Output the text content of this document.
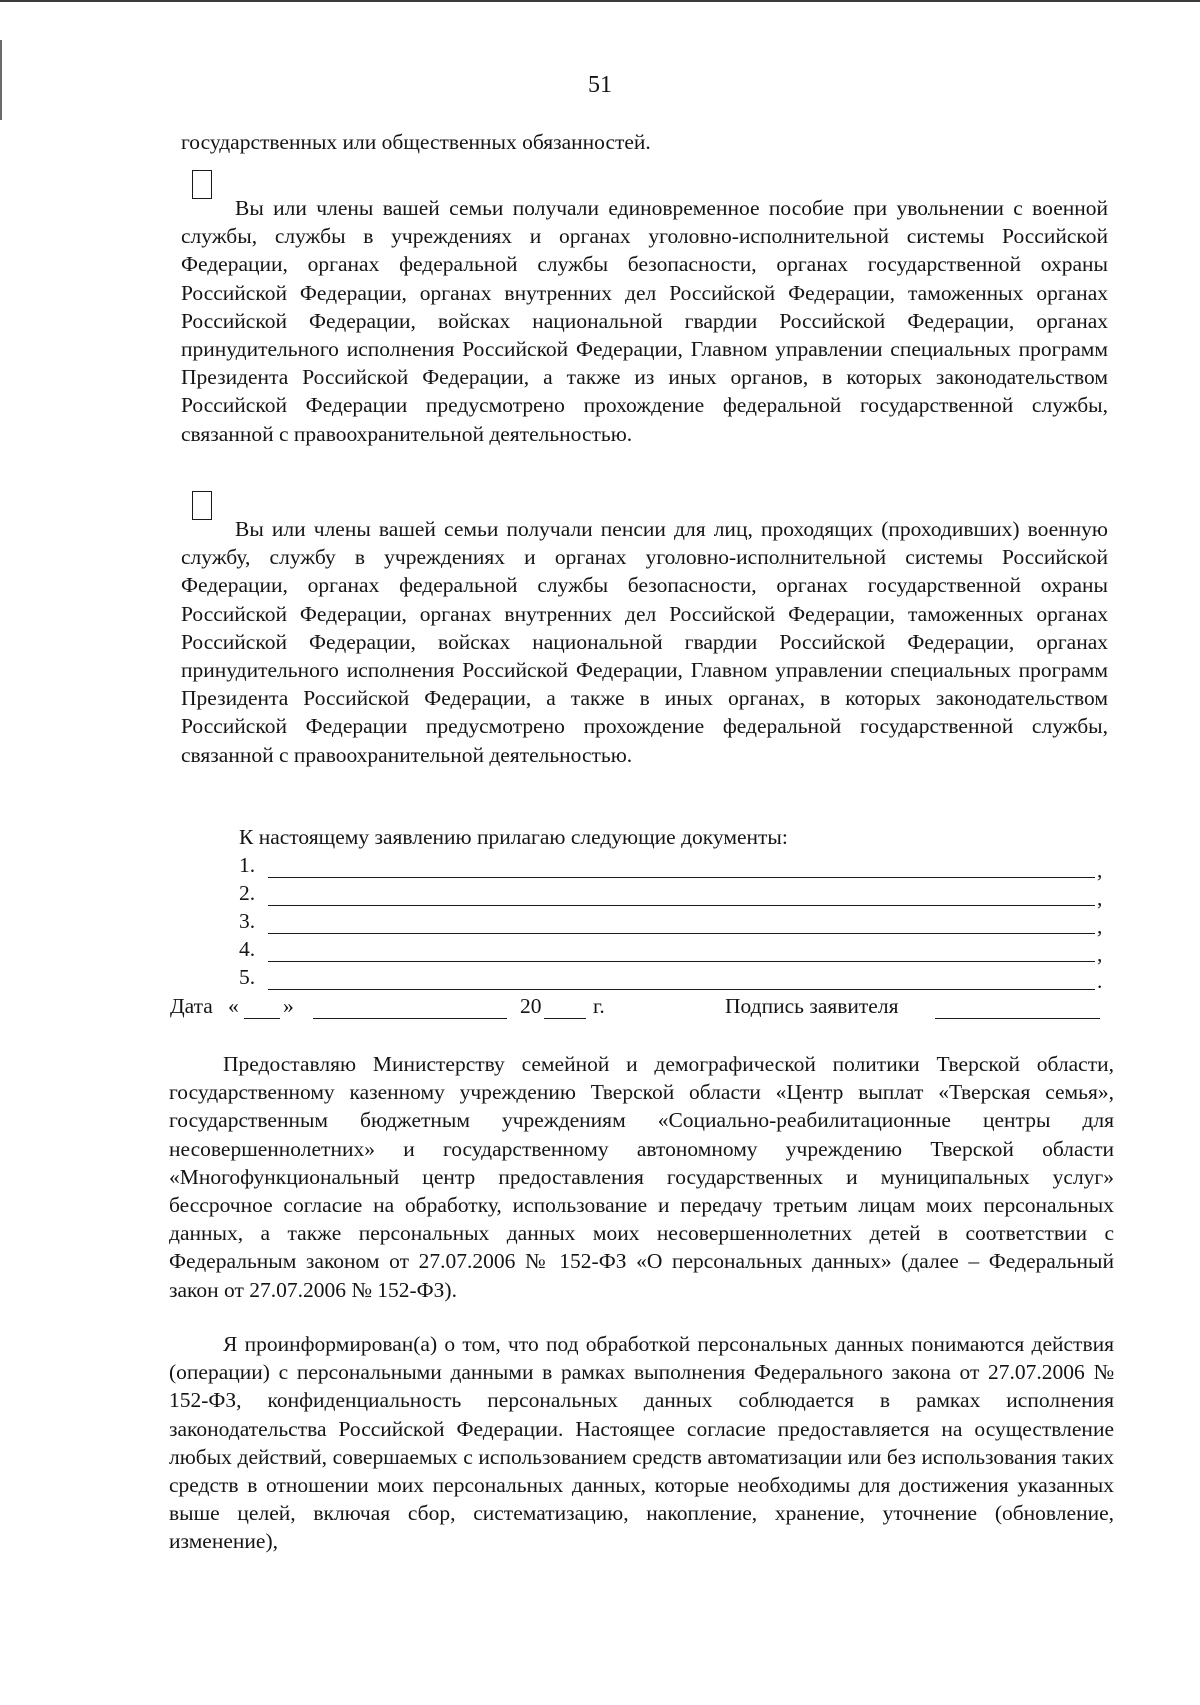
51

государственных или общественных обязанностей.

Вы или члены вашей семьи получали единовременное пособие при увольнении с военной службы, службы в учреждениях и органах уголовно-исполнительной системы Российской Федерации, органах федеральной службы безопасности, органах государственной охраны Российской Федерации, органах внутренних дел Российской Федерации, таможенных органах Российской Федерации, войсках национальной гвардии Российской Федерации, органах принудительного исполнения Российской Федерации, Главном управлении специальных программ Президента Российской Федерации, а также из иных органов, в которых законодательством Российской Федерации предусмотрено прохождение федеральной государственной службы, связанной с правоохранительной деятельностью.

Вы или члены вашей семьи получали пенсии для лиц, проходящих (проходивших) военную службу, службу в учреждениях и органах уголовно-исполнительной системы Российской Федерации, органах федеральной службы безопасности, органах государственной охраны Российской Федерации, органах внутренних дел Российской Федерации, таможенных органах Российской Федерации, войсках национальной гвардии Российской Федерации, органах принудительного исполнения Российской Федерации, Главном управлении специальных программ Президента Российской Федерации, а также в иных органах, в которых законодательством Российской Федерации предусмотрено прохождение федеральной государственной службы, связанной с правоохранительной деятельностью.

К настоящему заявлению прилагаю следующие документы:
1.	,
2.	,
3.	,
4.	,
5.	.
Дата « »	20 г.	Подпись заявителя

Предоставляю Министерству семейной и демографической политики Тверской области, государственному казенному учреждению Тверской области «Центр выплат «Тверская семья», государственным бюджетным учреждениям «Социально-реабилитационные центры для несовершеннолетних» и государственному автономному учреждению Тверской области «Многофункциональный центр предоставления государственных и муниципальных услуг» бессрочное согласие на обработку, использование и передачу третьим лицам моих персональных данных, а также персональных данных моих несовершеннолетних детей в соответствии с Федеральным законом от 27.07.2006 № 152-ФЗ «О персональных данных» (далее – Федеральный закон от 27.07.2006 № 152-ФЗ).

Я проинформирован(а) о том, что под обработкой персональных данных понимаются действия (операции) с персональными данными в рамках выполнения Федерального закона от 27.07.2006 № 152-ФЗ, конфиденциальность персональных данных соблюдается в рамках исполнения законодательства Российской Федерации. Настоящее согласие предоставляется на осуществление любых действий, совершаемых с использованием средств автоматизации или без использования таких средств в отношении моих персональных данных, которые необходимы для достижения указанных выше целей, включая сбор, систематизацию, накопление, хранение, уточнение (обновление, изменение),
